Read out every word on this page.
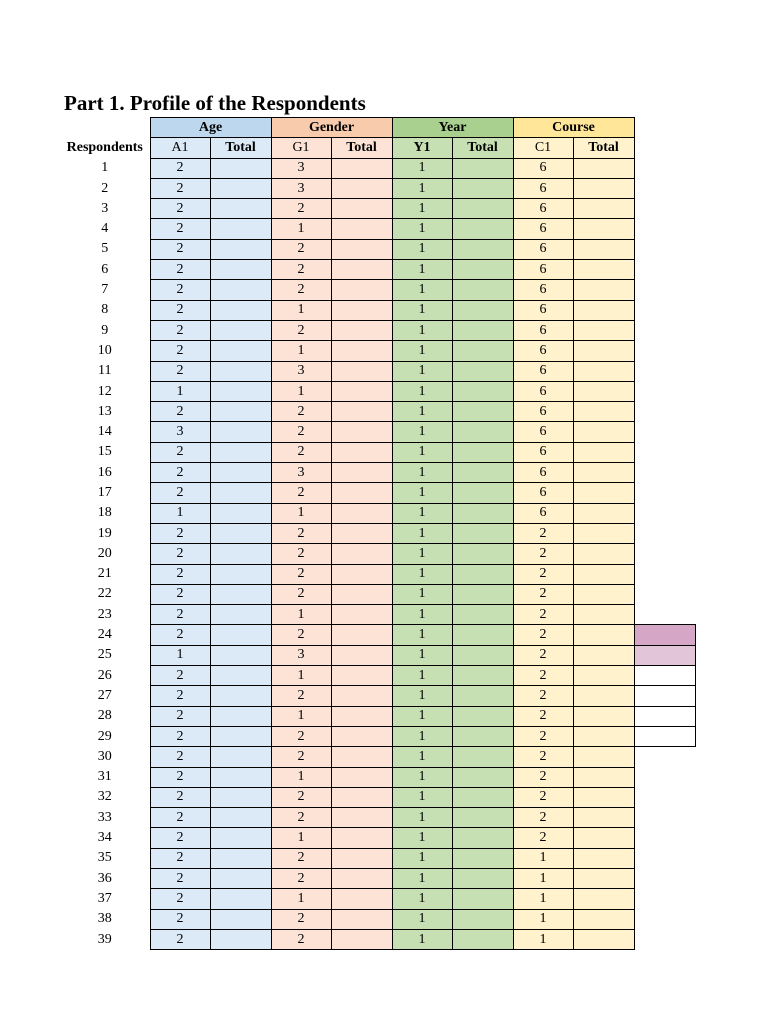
Part 1. Profile of the Respondents
	Age		Gender		Year		Course		
Respondents	A1	Total	G1	Total	Y1	Total	C1	Total	
1	2		3		1		6		
2	2		3		1		6		
3	2		2		1		6		
4	2		1		1		6		
5	2		2		1		6		
6	2		2		1		6		
7	2		2		1		6		
8	2		1		1		6		
9	2		2		1		6		
10	2		1		1		6		
11	2		3		1		6		
12	1		1		1		6		
13	2		2		1		6		
14	3		2		1		6		
15	2		2		1		6		
16	2		3		1		6		
17	2		2		1		6		
18	1		1		1		6		
19	2		2		1		2		
20	2		2		1		2		
21	2		2		1		2		
22	2		2		1		2		
23	2		1		1		2		
24	2		2		1		2		
25	1		3		1		2		
26	2		1		1		2		
27	2		2		1		2		
28	2		1		1		2		
29	2		2		1		2		
30	2		2		1		2		
31	2		1		1		2		
32	2		2		1		2		
33	2		2		1		2		
34	2		1		1		2		
35	2		2		1		1		
36	2		2		1		1		
37	2		1		1		1		
38	2		2		1		1		
39	2		2		1		1		
